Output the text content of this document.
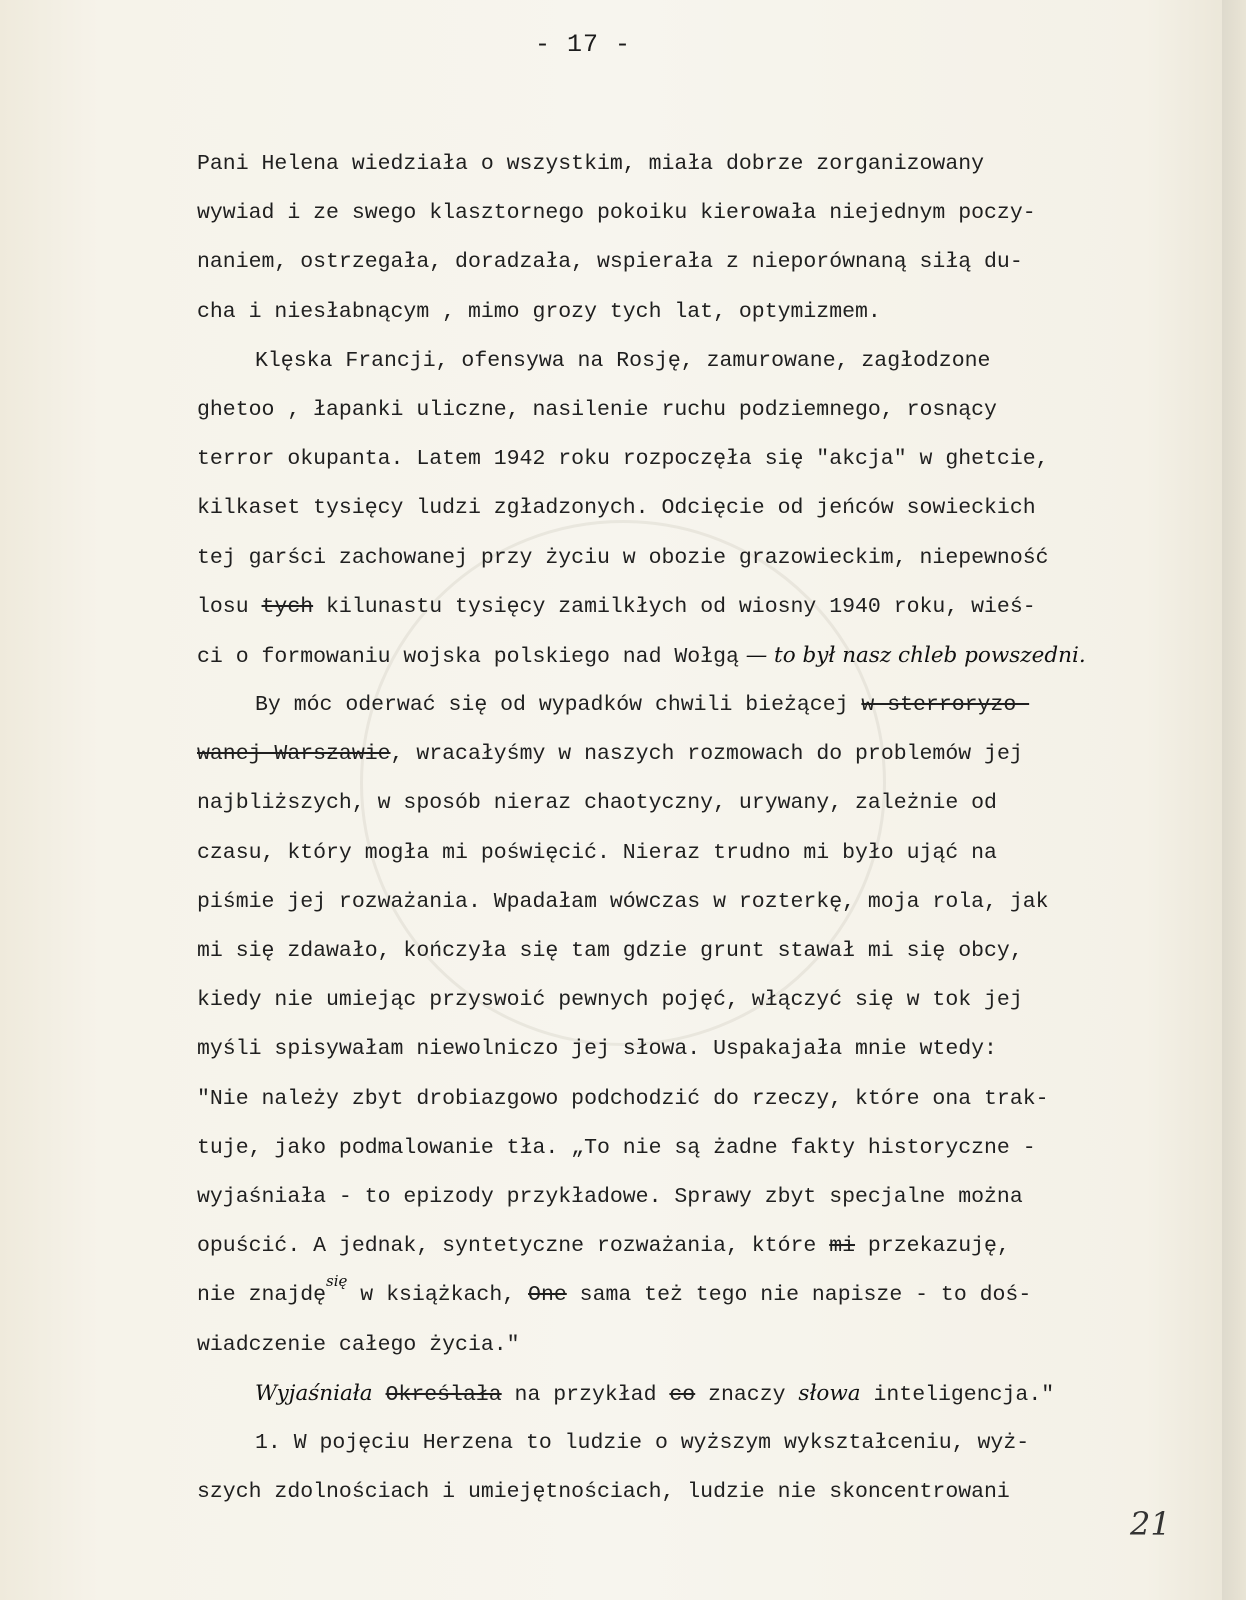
- 17 -
Pani Helena wiedziała o wszystkim, miała dobrze zorganizowany
wywiad i ze swego klasztornego pokoiku kierowała niejednym poczy-
naniem, ostrzegała, doradzała, wspierała z nieporównaną siłą du-
cha i niesłabnącym , mimo grozy tych lat, optymizmem.
Klęska Francji, ofensywa na Rosję, zamurowane, zagłodzone
ghetoo , łapanki uliczne, nasilenie ruchu podziemnego, rosnący
terror okupanta. Latem 1942 roku rozpoczęła się "akcja" w ghetcie,
kilkaset tysięcy ludzi zgładzonych. Odcięcie od jeńców sowieckich
tej garści zachowanej przy życiu w obozie grazowieckim, niepewność
losu tych kilunastu tysięcy zamilkłych od wiosny 1940 roku, wieś-
ci o formowaniu wojska polskiego nad Wołgą — to był nasz chleb powszedni.
By móc oderwać się od wypadków chwili bieżącej w sterroryzo-
wanej Warszawie, wracałyśmy w naszych rozmowach do problemów jej
najbliższych, w sposób nieraz chaotyczny, urywany, zależnie od
czasu, który mogła mi poświęcić. Nieraz trudno mi było ująć na
piśmie jej rozważania. Wpadałam wówczas w rozterkę, moja rola, jak
mi się zdawało, kończyła się tam gdzie grunt stawał mi się obcy,
kiedy nie umiejąc przyswoić pewnych pojęć, włączyć się w tok jej
myśli spisywałam niewolniczo jej słowa. Uspakajała mnie wtedy:
"Nie należy zbyt drobiazgowo podchodzić do rzeczy, które ona trak-
tuje, jako podmalowanie tła. „To nie są żadne fakty historyczne -
wyjaśniała - to epizody przykładowe. Sprawy zbyt specjalne można
opuścić. A jednak, syntetyczne rozważania, które mi przekazuję,
nie znajdę$^{się}$ w książkach, One sama też tego nie napisze - to doś-
wiadczenie całego życia."
Wyjaśniała Określała na przykład co znaczy słowa inteligencja."
1. W pojęciu Herzena to ludzie o wyższym wykształceniu, wyż-
szych zdolnościach i umiejętnościach, ludzie nie skoncentrowani
21
